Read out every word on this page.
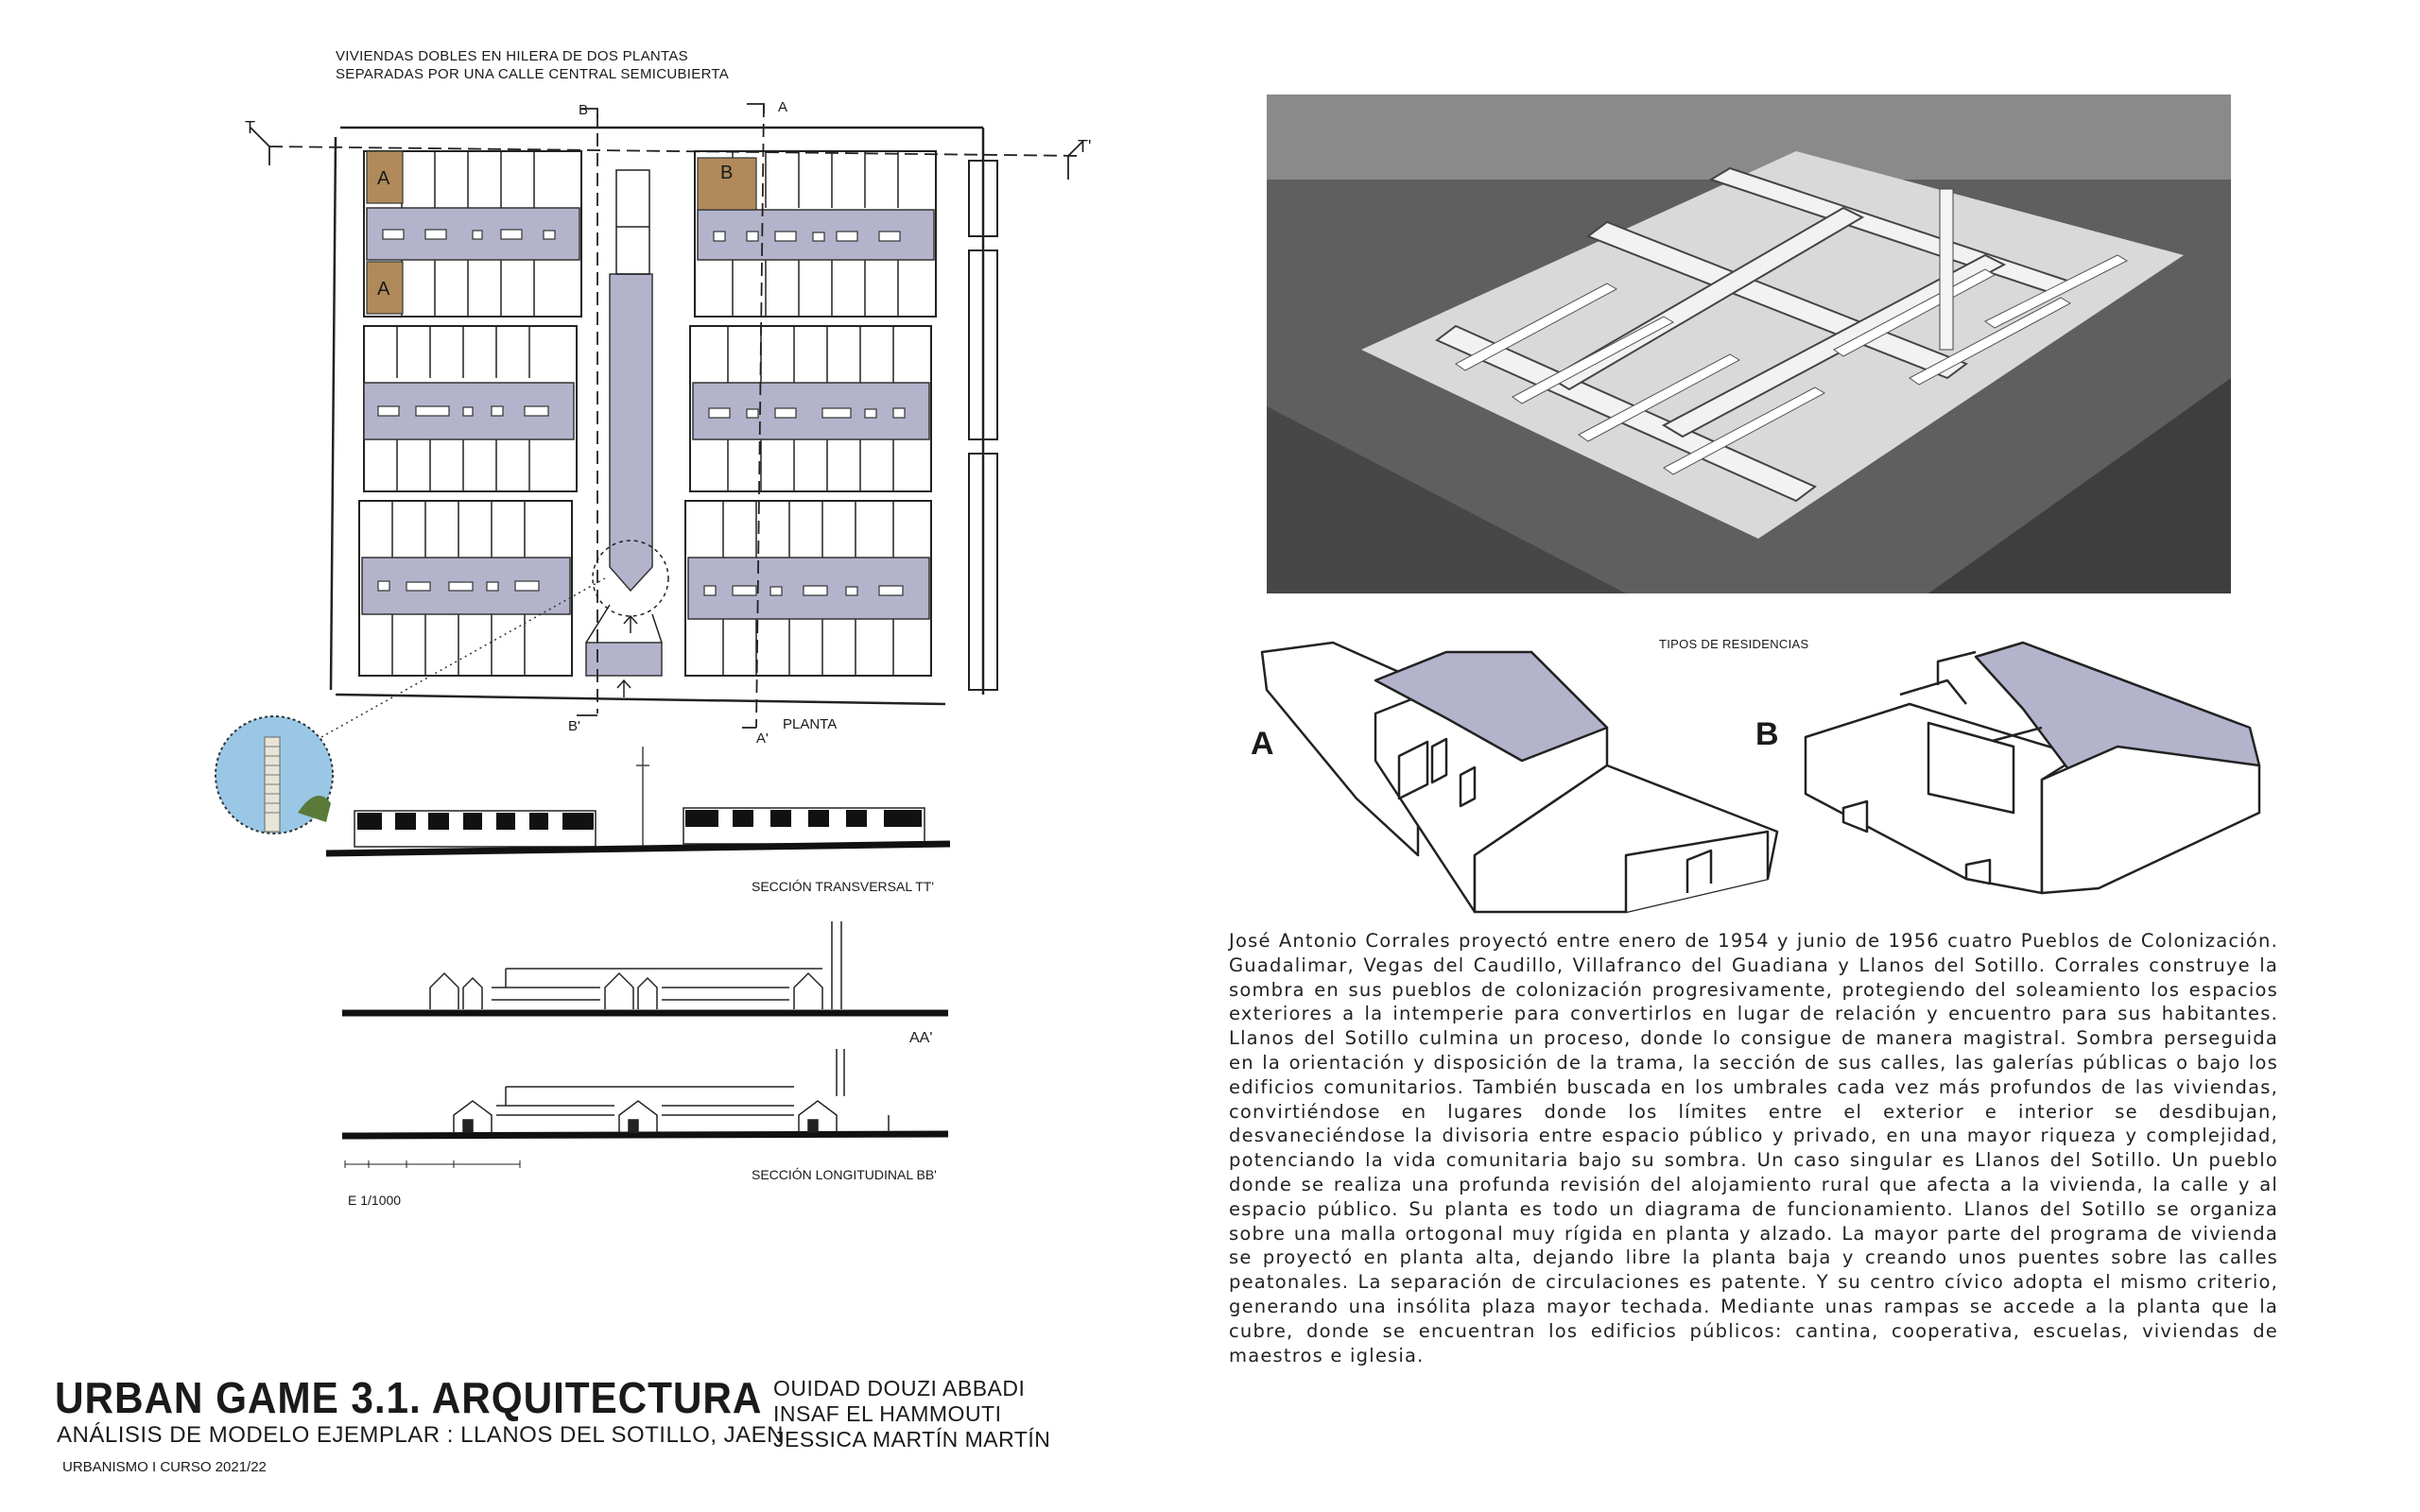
VIVIENDAS DOBLES EN HILERA DE DOS PLANTAS
SEPARADAS POR UNA CALLE CENTRAL SEMICUBIERTA
T
T'
B	A
B'
A'
PLANTA
A
A
B
SECCIÓN TRANSVERSAL TT'
AA'
SECCIÓN LONGITUDINAL BB'
E 1/1000
URBAN GAME 3.1. ARQUITECTURA
ANÁLISIS DE MODELO EJEMPLAR : LLANOS DEL SOTILLO, JAEN
URBANISMO I CURSO 2021/22
OUIDAD DOUZI ABBADI
INSAF EL HAMMOUTI
JESSICA MARTÍN MARTÍN
TIPOS DE RESIDENCIAS
A	B
José Antonio Corrales proyectó entre enero de 1954 y junio de 1956 cuatro Pueblos de Colonización. Guadalimar, Vegas del Caudillo, Villafranco del Guadiana y Llanos del Sotillo. Corrales construye la sombra en sus pueblos de colonización progresivamente, protegiendo del soleamiento los espacios exteriores a la intemperie para convertirlos en lugar de relación y encuentro para sus habitantes. Llanos del Sotillo culmina un proceso, donde lo consigue de manera magistral. Sombra perseguida en la orientación y disposición de la trama, la sección de sus calles, las galerías públicas o bajo los edificios comunitarios. También buscada en los umbrales cada vez más profundos de las viviendas, convirtiéndose en lugares donde los límites entre el exterior e interior se desdibujan, desvaneciéndose la divisoria entre espacio público y privado, en una mayor riqueza y complejidad, potenciando la vida comunitaria bajo su sombra. Un caso singular es Llanos del Sotillo. Un pueblo donde se realiza una profunda revisión del alojamiento rural que afecta a la vivienda, la calle y al espacio público. Su planta es todo un diagrama de funcionamiento. Llanos del Sotillo se organiza sobre una malla ortogonal muy rígida en planta y alzado. La mayor parte del programa de vivienda se proyectó en planta alta, dejando libre la planta baja y creando unos puentes sobre las calles peatonales. La separación de circulaciones es patente. Y su centro cívico adopta el mismo criterio, generando una insólita plaza mayor techada. Mediante unas rampas se accede a la planta que la cubre, donde se encuentran los edificios públicos: cantina, cooperativa, escuelas, viviendas de maestros e iglesia.
